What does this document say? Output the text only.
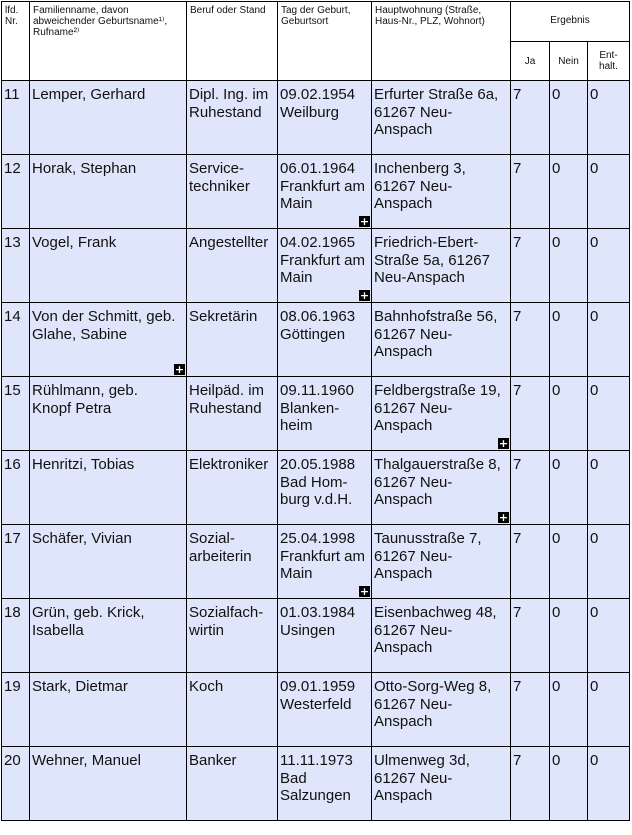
lfd.
Nr.	Familienname, davon abweichender Geburtsname¹⁾, Rufname²⁾	Beruf oder Stand	Tag der Geburt, Geburtsort	Hauptwohnung (Straße, Haus-Nr., PLZ, Wohnort)	Ergebnis		
					Ja	Nein	Ent- halt.

11	Lemper, Gerhard	Dipl. Ing. im
Ruhestand	09.02.1954
Weilburg	Erfurter Straße 6a,
61267 Neu-
Anspach	7	0	0

12	Horak, Stephan	Service-
techniker	06.01.1964
Frankfurt am
Main
+	Inchenberg 3,
61267 Neu-
Anspach	7	0	0

13	Vogel, Frank	Angestellter	04.02.1965
Frankfurt am
Main
+	Friedrich-Ebert-
Straße 5a, 61267
Neu-Anspach	7	0	0

14	Von der Schmitt, geb.
Glahe, Sabine
+	Sekretärin	08.06.1963
Göttingen	Bahnhofstraße 56,
61267 Neu-
Anspach	7	0	0

15	Rühlmann, geb.
Knopf Petra	Heilpäd. im
Ruhestand	09.11.1960
Blanken-
heim	Feldbergstraße 19,
61267 Neu-
Anspach
+	7	0	0

16	Henritzi, Tobias	Elektroniker	20.05.1988
Bad Hom-
burg v.d.H.	Thalgauerstraße 8,
61267 Neu-
Anspach
+	7	0	0

17	Schäfer, Vivian	Sozial-
arbeiterin	25.04.1998
Frankfurt am
Main
+	Taunusstraße 7,
61267 Neu-
Anspach	7	0	0

18	Grün, geb. Krick,
Isabella	Sozialfach-
wirtin	01.03.1984
Usingen	Eisenbachweg 48,
61267 Neu-
Anspach	7	0	0

19	Stark, Dietmar	Koch	09.01.1959
Westerfeld	Otto-Sorg-Weg 8,
61267 Neu-
Anspach	7	0	0

20	Wehner, Manuel	Banker	11.11.1973
Bad
Salzungen	Ulmenweg 3d,
61267 Neu-
Anspach	7	0	0
